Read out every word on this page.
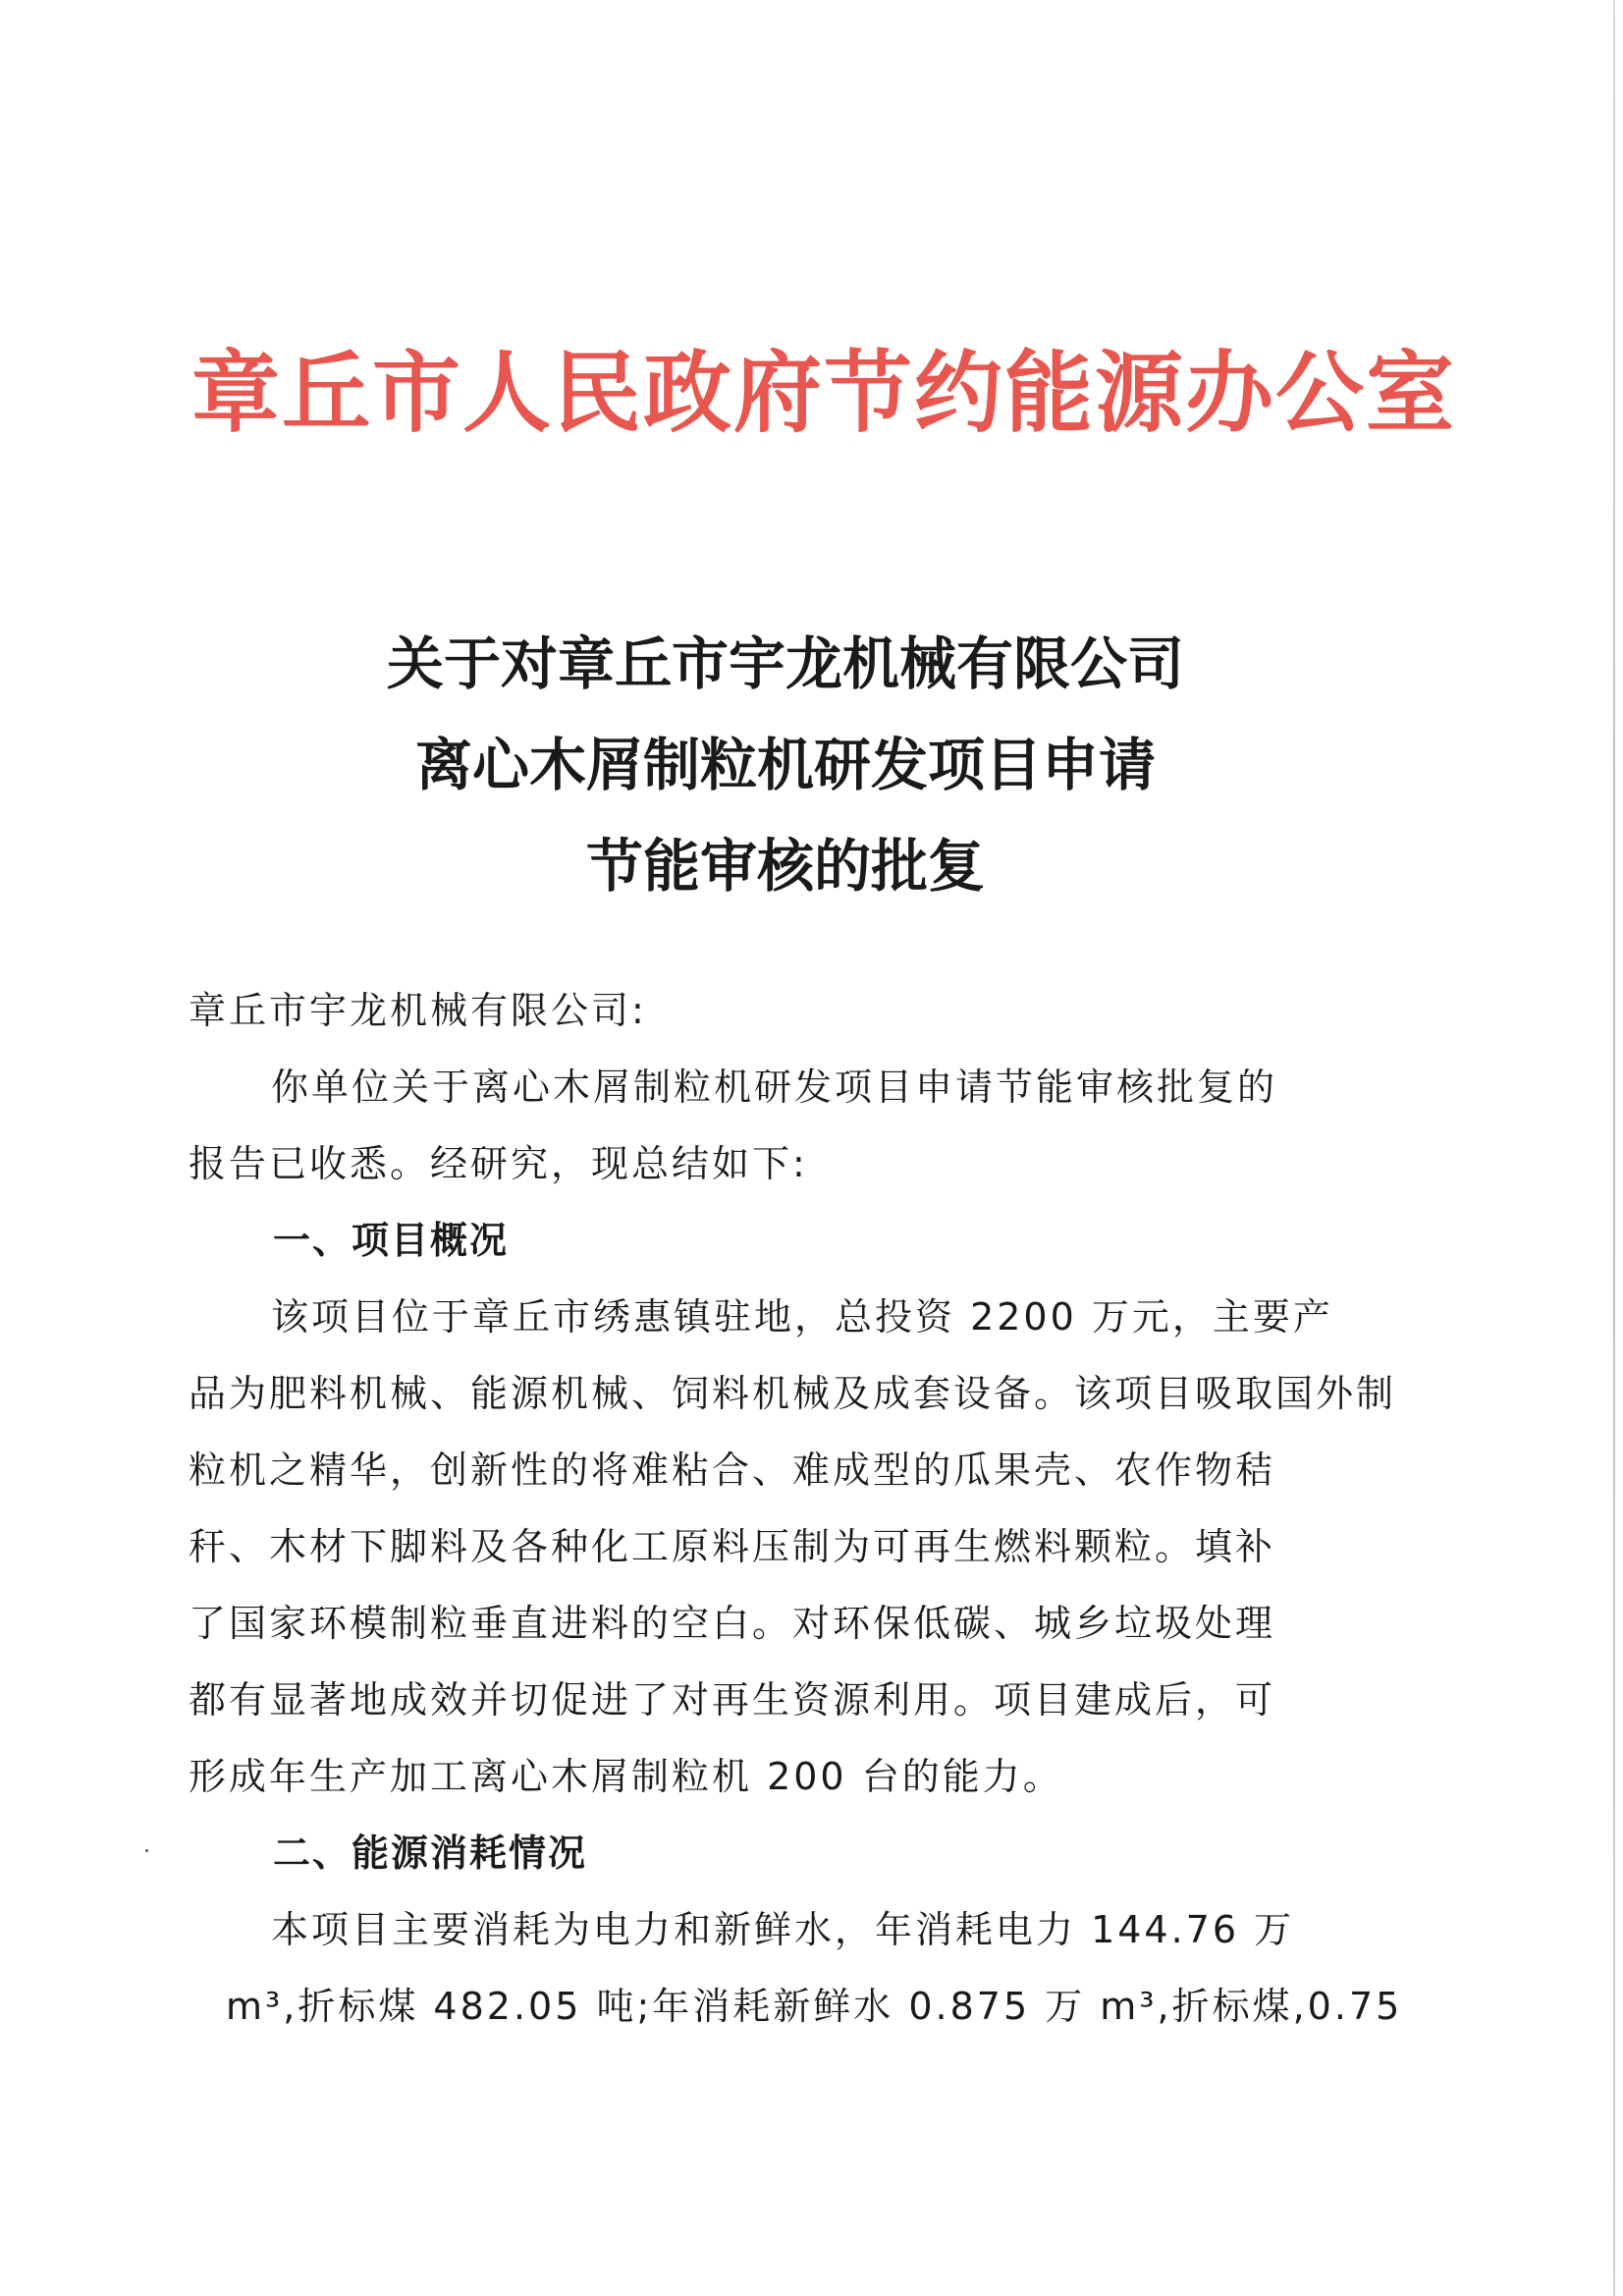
章丘市人民政府节约能源办公室
关于对章丘市宇龙机械有限公司
离心木屑制粒机研发项目申请
节能审核的批复
章丘市宇龙机械有限公司:
你单位关于离心木屑制粒机研发项目申请节能审核批复的
报告已收悉。经研究，现总结如下:
一、项目概况
该项目位于章丘市绣惠镇驻地，总投资 2200 万元，主要产
品为肥料机械、能源机械、饲料机械及成套设备。该项目吸取国外制
粒机之精华，创新性的将难粘合、难成型的瓜果壳、农作物秸
秆、木材下脚料及各种化工原料压制为可再生燃料颗粒。填补
了国家环模制粒垂直进料的空白。对环保低碳、城乡垃圾处理
都有显著地成效并切促进了对再生资源利用。项目建成后，可
形成年生产加工离心木屑制粒机 200 台的能力。
二、能源消耗情况
本项目主要消耗为电力和新鲜水，年消耗电力 144.76 万
m³,折标煤 482.05 吨;年消耗新鲜水 0.875 万 m³,折标煤,0.75
